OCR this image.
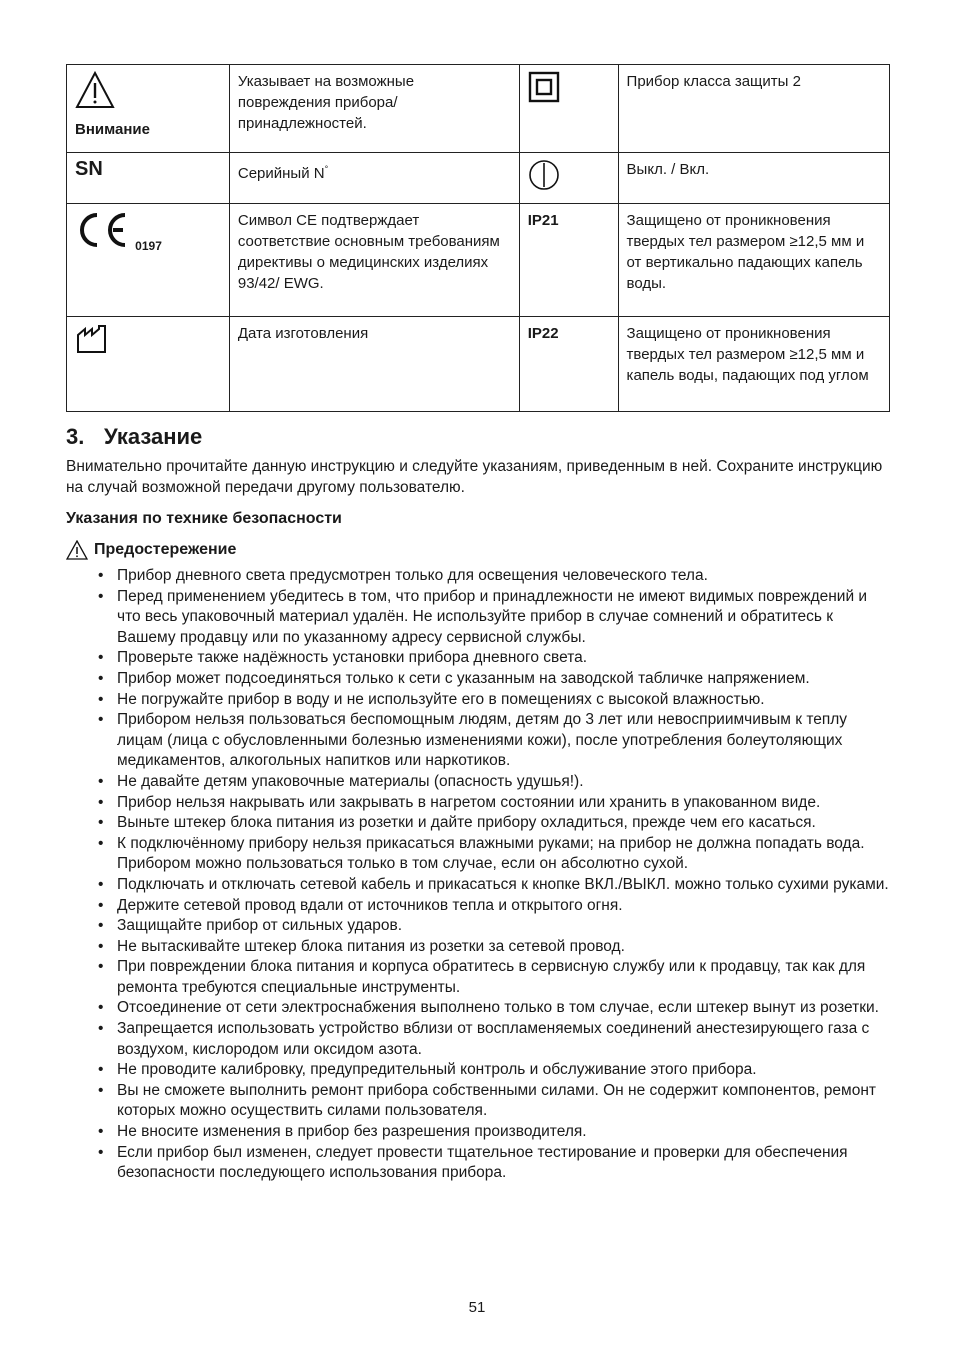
Внимание	Указывает на возможные повреждения прибора/ принадлежностей.		Прибор класса защиты 2
SN	Серийный N°		Выкл. / Вкл.
0197	Символ CE подтверждает соответствие основным требованиям директивы о медицинских изделиях 93/42/ EWG.	IP21	Защищено от проникновения твердых тел размером ≥12,5 мм и от вертикально падающих капель воды.
	Дата изготовления	IP22	Защищено от проникновения твердых тел размером ≥12,5 мм и капель воды, падающих под углом
3. Указание

Внимательно прочитайте данную инструкцию и следуйте указаниям, приведенным в ней. Сохраните инструкцию на случай возможной передачи другому пользователю.

Указания по технике безопасности
Предостережение
• Прибор дневного света предусмотрен только для освещения человеческого тела.
• Перед применением убедитесь в том, что прибор и принадлежности не имеют видимых повреждений и что весь упаковочный материал удалён. Не используйте прибор в случае сомнений и обратитесь к Вашему продавцу или по указанному адресу сервисной службы.
• Проверьте также надёжность установки прибора дневного света.
• Прибор может подсоединяться только к сети с указанным на заводской табличке напряжением.
• Не погружайте прибор в воду и не используйте его в помещениях с высокой влажностью.
• Прибором нельзя пользоваться беспомощным людям, детям до 3 лет или невосприимчивым к теплу лицам (лица с обусловленными болезнью изменениями кожи), после употребления болеутоляющих медикаментов, алкогольных напитков или наркотиков.
• Не давайте детям упаковочные материалы (опасность удушья!).
• Прибор нельзя накрывать или закрывать в нагретом состоянии или хранить в упакованном виде.
• Выньте штекер блока питания из розетки и дайте прибору охладиться, прежде чем его касаться.
• К подключённому прибору нельзя прикасаться влажными руками; на прибор не должна попадать вода. Прибором можно пользоваться только в том случае, если он абсолютно сухой.
• Подключать и отключать сетевой кабель и прикасаться к кнопке ВКЛ./ВЫКЛ. можно только сухими руками.
• Держите сетевой провод вдали от источников тепла и открытого огня.
• Защищайте прибор от сильных ударов.
• Не вытаскивайте штекер блока питания из розетки за сетевой провод.
• При повреждении блока питания и корпуса обратитесь в сервисную службу или к продавцу, так как для ремонта требуются специальные инструменты.
• Отсоединение от сети электроснабжения выполнено только в том случае, если штекер вынут из розетки.
• Запрещается использовать устройство вблизи от воспламеняемых соединений анестезирующего газа с воздухом, кислородом или оксидом азота.
• Не проводите калибровку, предупредительный контроль и обслуживание этого прибора.
• Вы не сможете выполнить ремонт прибора собственными силами. Он не содержит компонентов, ремонт которых можно осуществить силами пользователя.
• Не вносите изменения в прибор без разрешения производителя.
• Если прибор был изменен, следует провести тщательное тестирование и проверки для обеспечения безопасности последующего использования прибора.
51
